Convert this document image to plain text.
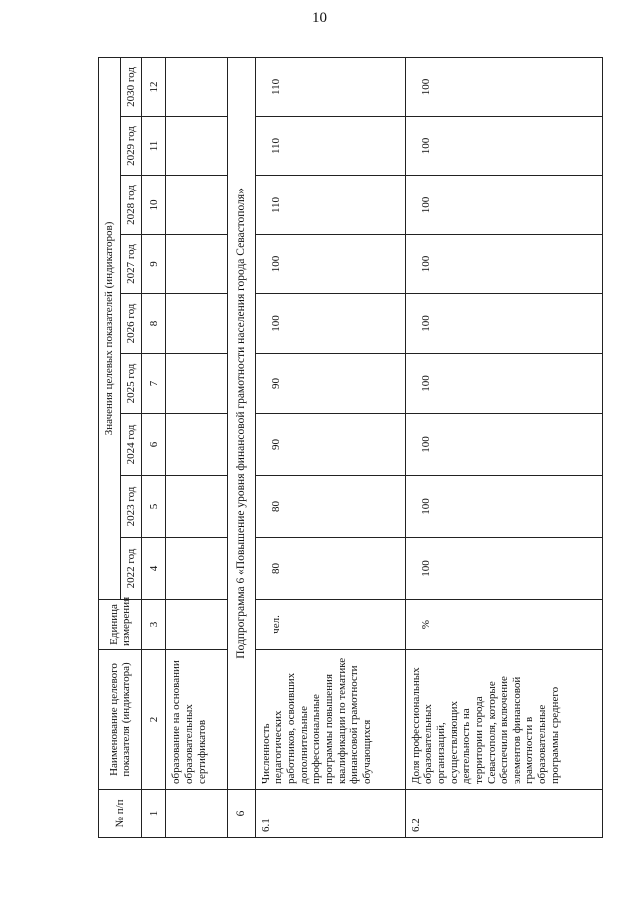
10
№ п/п	Наименование целевого показателя (индикатора)	Единица измерения	Значения целевых показателей (индикаторов)								
			2022 год	2023 год	2024 год	2025 год	2026 год	2027 год	2028 год	2029 год	2030 год
1	2	3	4	5	6	7	8	9	10	11	12
	образование на основании образовательных сертификатов										
6	Подпрограмма 6 «Повышение уровня финансовой грамотности населения города Севастополя»										
6.1	Численность педагогических работников, освоивших дополнительные профессиональные программы повышения квалификации по тематике финансовой грамотности обучающихся	чел.	80	80	90	90	100	100	110	110	110
6.2	Доля профессиональных образовательных организаций, осуществляющих деятельность на территории города Севастополя, которые обеспечили включение элементов финансовой грамотности в образовательные программы среднего	%	100	100	100	100	100	100	100	100	100
